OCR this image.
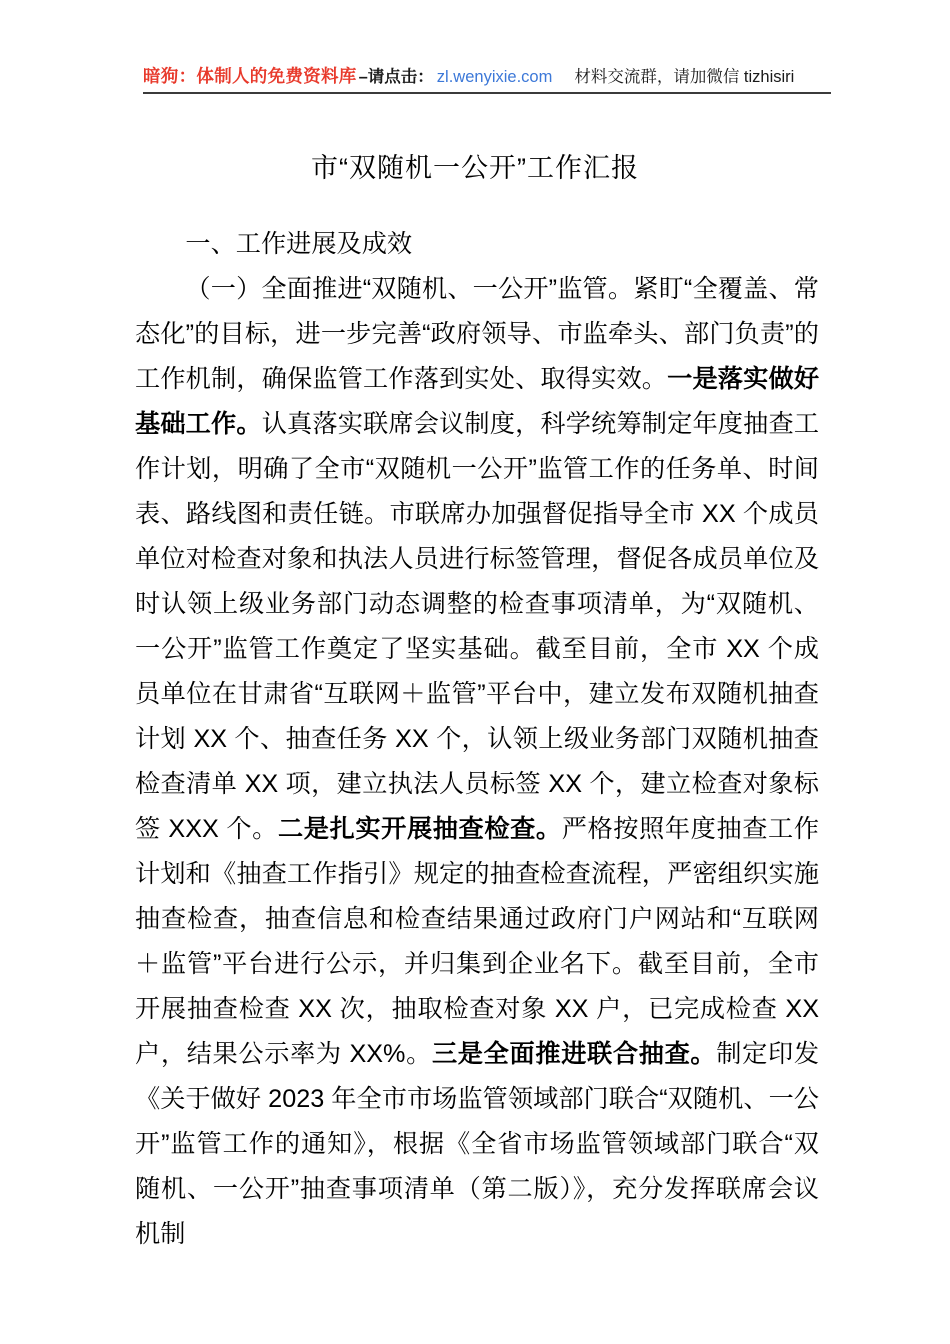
暗狗：体制人的免费资料库 –请点击： zl.wenyixie.com 材料交流群，请加微信 tizhisiri
市“双随机一公开”工作汇报

一、工作进展及成效

（一）全面推进“双随机、一公开”监管。紧盯“全覆盖、常态化”的目标，进一步完善“政府领导、市监牵头、部门负责”的工作机制，确保监管工作落到实处、取得实效。一是落实做好基础工作。认真落实联席会议制度，科学统筹制定年度抽查工作计划，明确了全市“双随机一公开”监管工作的任务单、时间表、路线图和责任链。市联席办加强督促指导全市 XX 个成员单位对检查对象和执法人员进行标签管理，督促各成员单位及时认领上级业务部门动态调整的检查事项清单，为“双随机、一公开”监管工作奠定了坚实基础。截至目前，全市 XX 个成员单位在甘肃省“互联网＋监管”平台中，建立发布双随机抽查计划 XX 个、抽查任务 XX 个，认领上级业务部门双随机抽查检查清单 XX 项，建立执法人员标签 XX 个，建立检查对象标签 XXX 个。二是扎实开展抽查检查。严格按照年度抽查工作计划和《抽查工作指引》规定的抽查检查流程，严密组织实施抽查检查，抽查信息和检查结果通过政府门户网站和“互联网＋监管”平台进行公示，并归集到企业名下。截至目前，全市开展抽查检查 XX 次，抽取检查对象 XX 户，已完成检查 XX 户，结果公示率为 XX%。三是全面推进联合抽查。制定印发《关于做好 2023 年全市市场监管领域部门联合“双随机、一公开”监管工作的通知》，根据《全省市场监管领域部门联合“双随机、一公开”抽查事项清单（第二版）》，充分发挥联席会议机制
